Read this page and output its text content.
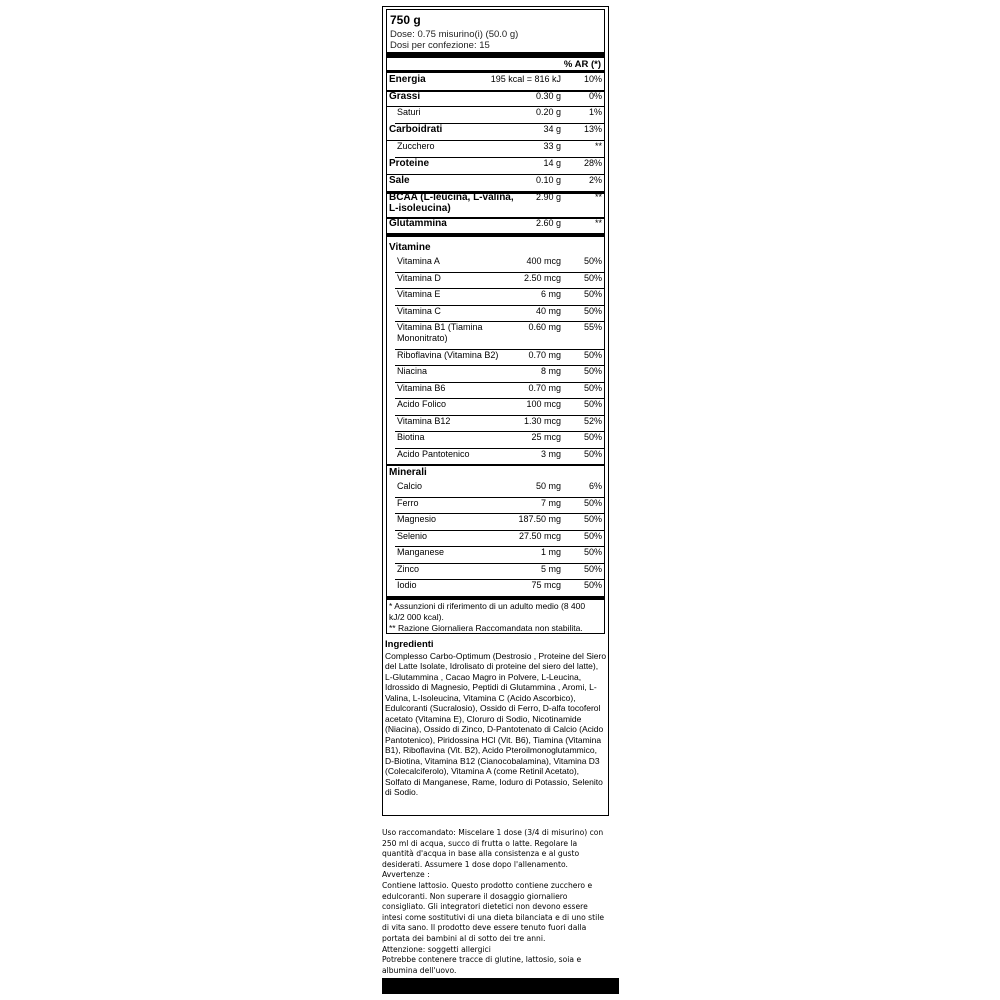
750 g
Dose: 0.75 misurino(i) (50.0 g)
Dosi per confezione: 15
% AR (*)
Energia	195 kcal = 816 kJ	10%
Grassi	0.30 g	0%
Saturi	0.20 g	1%
Carboidrati	34 g	13%
Zucchero	33 g	**
Proteine	14 g	28%
Sale	0.10 g	2%
BCAA (L-leucina, L-valina, L-isoleucina)
2.90 g	**
Glutammina	2.60 g	**
Vitamine
Vitamina A	400 mcg	50%
Vitamina D	2.50 mcg	50%
Vitamina E	6 mg	50%
Vitamina C	40 mg	50%
Vitamina B1 (Tiamina Mononitrato)
0.60 mg	55%
Riboflavina (Vitamina B2)	0.70 mg	50%
Niacina	8 mg	50%
Vitamina B6	0.70 mg	50%
Acido Folico	100 mcg	50%
Vitamina B12	1.30 mcg	52%
Biotina	25 mcg	50%
Acido Pantotenico	3 mg	50%
Minerali
Calcio	50 mg	6%
Ferro	7 mg	50%
Magnesio	187.50 mg	50%
Selenio	27.50 mcg	50%
Manganese	1 mg	50%
Zinco	5 mg	50%
Iodio	75 mcg	50%
* Assunzioni di riferimento di un adulto medio (8 400 kJ/2 000 kcal).
** Razione Giornaliera Raccomandata non stabilita.
Ingredienti
Complesso Carbo-Optimum (Destrosio , Proteine del Siero del Latte Isolate, Idrolisato di proteine del siero del latte), L-Glutammina , Cacao Magro in Polvere, L-Leucina, Idrossido di Magnesio, Peptidi di Glutammina , Aromi, L-Valina, L-Isoleucina, Vitamina C (Acido Ascorbico), Edulcoranti (Sucralosio), Ossido di Ferro, D-alfa tocoferol acetato (Vitamina E), Cloruro di Sodio, Nicotinamide (Niacina), Ossido di Zinco, D-Pantotenato di Calcio (Acido Pantotenico), Piridossina HCl (Vit. B6), Tiamina (Vitamina B1), Riboflavina (Vit. B2), Acido Pteroilmonoglutammico, D-Biotina, Vitamina B12 (Cianocobalamina), Vitamina D3 (Colecalciferolo), Vitamina A (come Retinil Acetato), Solfato di Manganese, Rame, Ioduro di Potassio, Selenito di Sodio.
Uso raccomandato: Miscelare 1 dose (3/4 di misurino) con 250 ml di acqua, succo di frutta o latte. Regolare la quantità d'acqua in base alla consistenza e al gusto desiderati. Assumere 1 dose dopo l'allenamento.
Avvertenze :
Contiene lattosio. Questo prodotto contiene zucchero e edulcoranti. Non superare il dosaggio giornaliero consigliato. Gli integratori dietetici non devono essere intesi come sostitutivi di una dieta bilanciata e di uno stile di vita sano. Il prodotto deve essere tenuto fuori dalla portata dei bambini al di sotto dei tre anni.
Attenzione: soggetti allergici
Potrebbe contenere tracce di glutine, lattosio, soia e albumina dell'uovo.
